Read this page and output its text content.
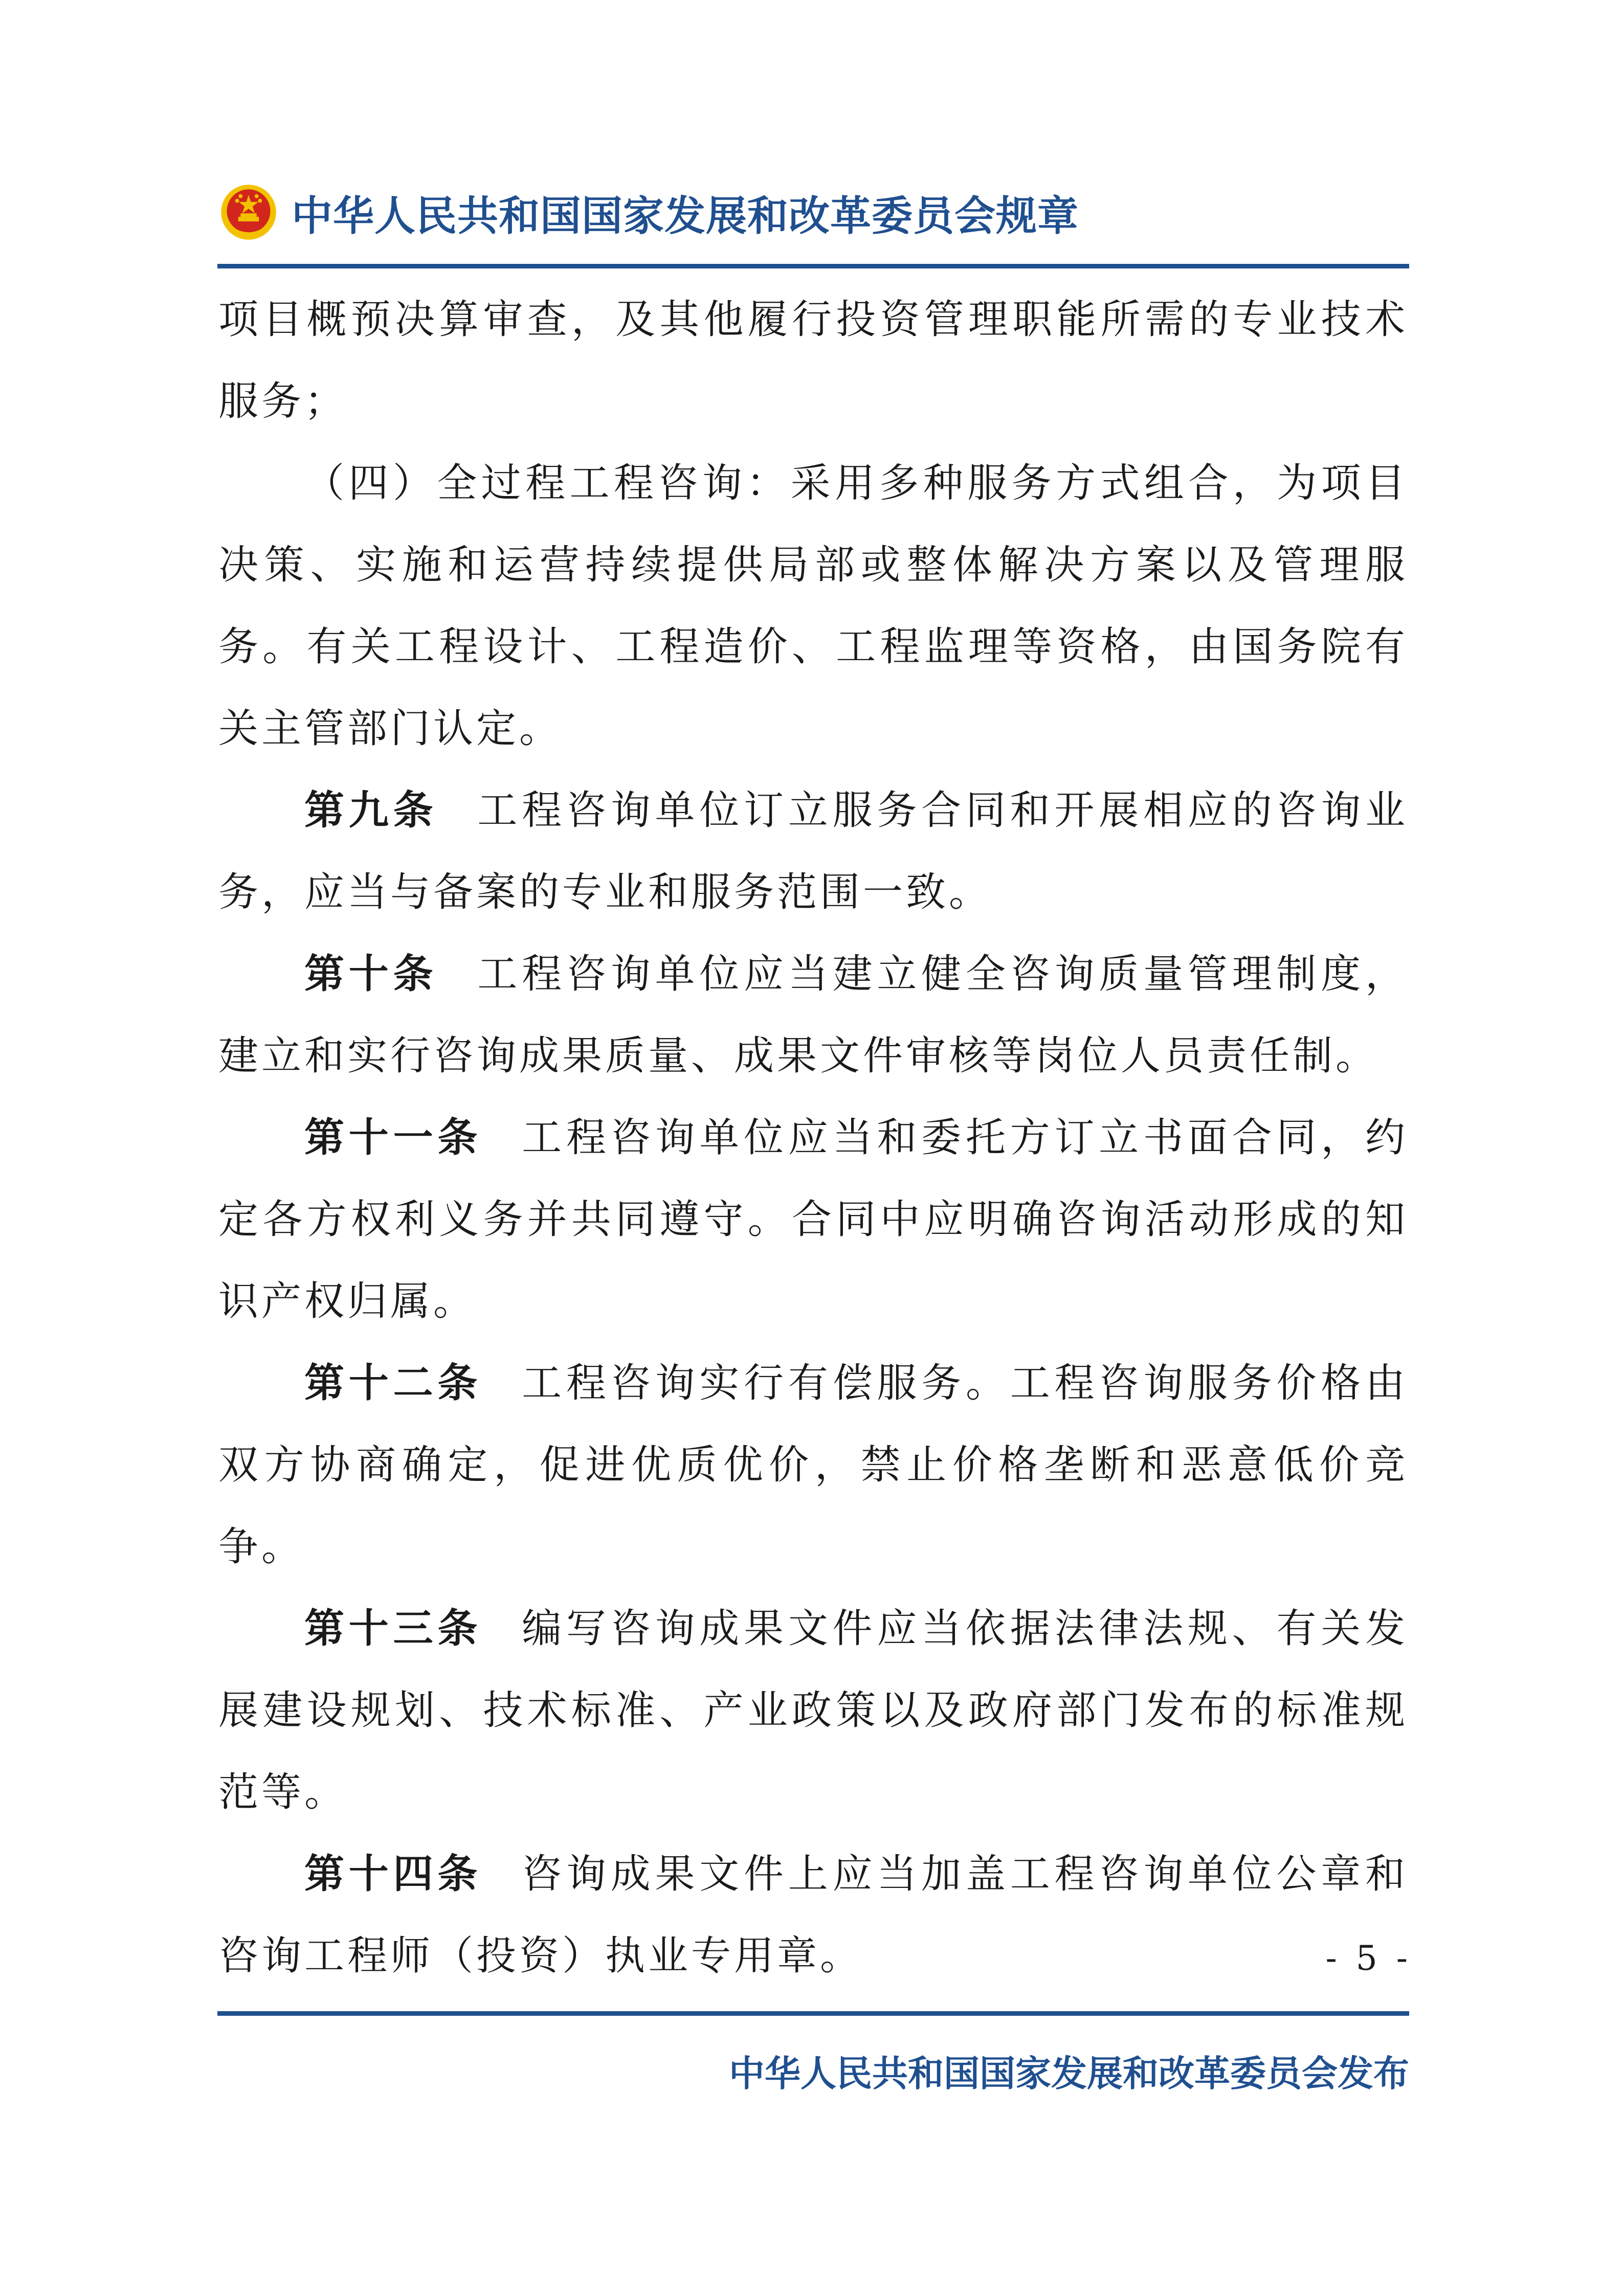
中华人民共和国国家发展和改革委员会规章

项目概预决算审查，及其他履行投资管理职能所需的专业技术服务；

（四）全过程工程咨询：采用多种服务方式组合，为项目决策、实施和运营持续提供局部或整体解决方案以及管理服务。有关工程设计、工程造价、工程监理等资格，由国务院有关主管部门认定。

第九条 工程咨询单位订立服务合同和开展相应的咨询业务，应当与备案的专业和服务范围一致。

第十条 工程咨询单位应当建立健全咨询质量管理制度，建立和实行咨询成果质量、成果文件审核等岗位人员责任制。

第十一条 工程咨询单位应当和委托方订立书面合同，约定各方权利义务并共同遵守。合同中应明确咨询活动形成的知识产权归属。

第十二条 工程咨询实行有偿服务。工程咨询服务价格由双方协商确定，促进优质优价，禁止价格垄断和恶意低价竞争。

第十三条 编写咨询成果文件应当依据法律法规、有关发展建设规划、技术标准、产业政策以及政府部门发布的标准规范等。

第十四条 咨询成果文件上应当加盖工程咨询单位公章和咨询工程师（投资）执业专用章。	- 5 -
中华人民共和国国家发展和改革委员会发布
